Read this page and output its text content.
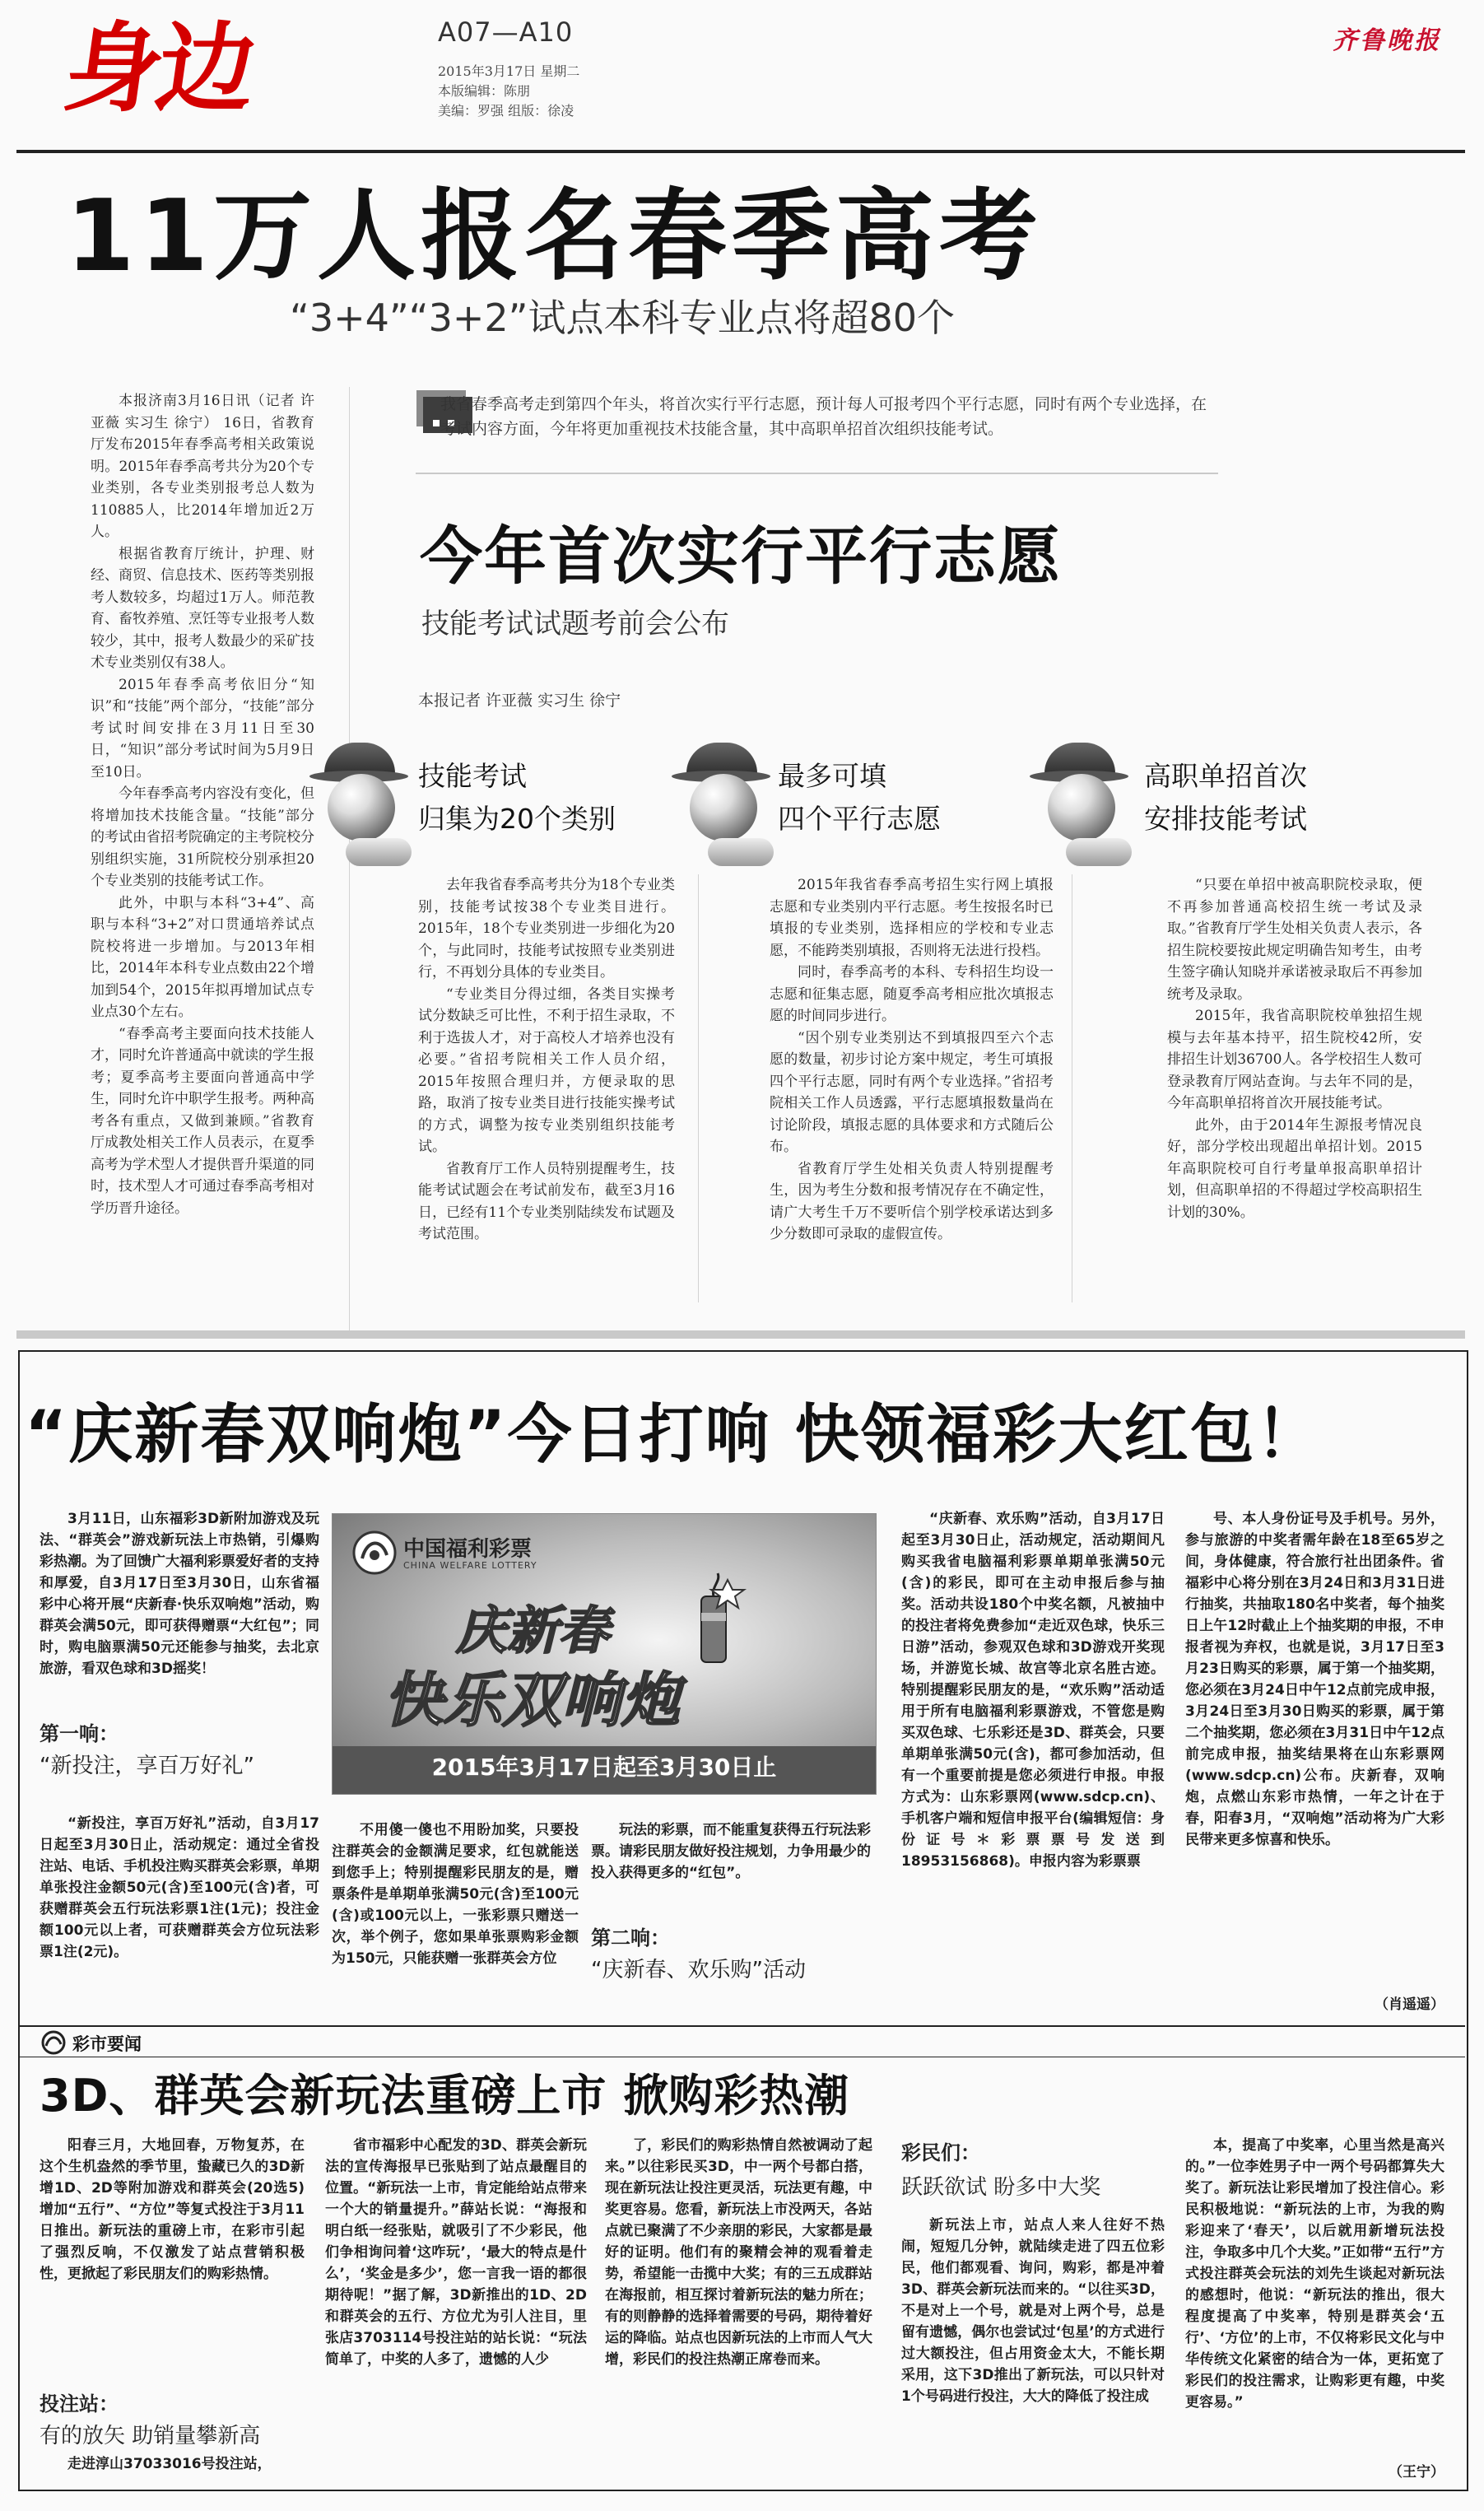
身边	A07—A10
2015年3月17日 星期二
本版编辑：陈朋
美编：罗强 组版：徐凌
齐鲁晚报
11万人报名春季高考
“3+4”“3+2”试点本科专业点将超80个

本报济南3月16日讯（记者 许亚薇 实习生 徐宁） 16日，省教育厅发布2015年春季高考相关政策说明。2015年春季高考共分为20个专业类别，各专业类别报考总人数为110885人，比2014年增加近2万人。

根据省教育厅统计，护理、财经、商贸、信息技术、医药等类别报考人数较多，均超过1万人。师范教育、畜牧养殖、烹饪等专业报考人数较少，其中，报考人数最少的采矿技术专业类别仅有38人。

2015年春季高考依旧分“知识”和“技能”两个部分，“技能”部分考试时间安排在3月11日至30日，“知识”部分考试时间为5月9日至10日。

今年春季高考内容没有变化，但将增加技术技能含量。“技能”部分的考试由省招考院确定的主考院校分别组织实施，31所院校分别承担20个专业类别的技能考试工作。

此外，中职与本科“3+4”、高职与本科“3+2”对口贯通培养试点院校将进一步增加。与2013年相比，2014年本科专业点数由22个增加到54个，2015年拟再增加试点专业点30个左右。

“春季高考主要面向技术技能人才，同时允许普通高中就读的学生报考；夏季高考主要面向普通高中学生，同时允许中职学生报考。两种高考各有重点，又做到兼顾。”省教育厅成教处相关工作人员表示，在夏季高考为学术型人才提供晋升渠道的同时，技术型人才可通过春季高考相对学历晋升途径。

我省春季高考走到第四个年头，将首次实行平行志愿，预计每人可报考四个平行志愿，同时有两个专业选择，在考试内容方面，今年将更加重视技术技能含量，其中高职单招首次组织技能考试。
今年首次实行平行志愿
技能考试试题考前会公布
本报记者 许亚薇 实习生 徐宁
技能考试
归集为20个类别

去年我省春季高考共分为18个专业类别，技能考试按38个专业类目进行。2015年，18个专业类别进一步细化为20个，与此同时，技能考试按照专业类别进行，不再划分具体的专业类目。

“专业类目分得过细，各类目实操考试分数缺乏可比性，不利于招生录取，不利于选拔人才，对于高校人才培养也没有必要。”省招考院相关工作人员介绍，2015年按照合理归并，方便录取的思路，取消了按专业类目进行技能实操考试的方式，调整为按专业类别组织技能考试。

省教育厅工作人员特别提醒考生，技能考试试题会在考试前发布，截至3月16日，已经有11个专业类别陆续发布试题及考试范围。

最多可填
四个平行志愿

2015年我省春季高考招生实行网上填报志愿和专业类别内平行志愿。考生按报名时已填报的专业类别，选择相应的学校和专业志愿，不能跨类别填报，否则将无法进行投档。

同时，春季高考的本科、专科招生均设一志愿和征集志愿，随夏季高考相应批次填报志愿的时间同步进行。

“因个别专业类别达不到填报四至六个志愿的数量，初步讨论方案中规定，考生可填报四个平行志愿，同时有两个专业选择。”省招考院相关工作人员透露，平行志愿填报数量尚在讨论阶段，填报志愿的具体要求和方式随后公布。

省教育厅学生处相关负责人特别提醒考生，因为考生分数和报考情况存在不确定性，请广大考生千万不要听信个别学校承诺达到多少分数即可录取的虚假宣传。

高职单招首次
安排技能考试

“只要在单招中被高职院校录取，便不再参加普通高校招生统一考试及录取。”省教育厅学生处相关负责人表示，各招生院校要按此规定明确告知考生，由考生签字确认知晓并承诺被录取后不再参加统考及录取。

2015年，我省高职院校单独招生规模与去年基本持平，招生院校42所，安排招生计划36700人。各学校招生人数可登录教育厅网站查询。与去年不同的是，今年高职单招将首次开展技能考试。

此外，由于2014年生源报考情况良好，部分学校出现超出单招计划。2015年高职院校可自行考量单报高职单招计划，但高职单招的不得超过学校高职招生计划的30%。

“庆新春双响炮”今日打响 快领福彩大红包！

3月11日，山东福彩3D新附加游戏及玩法、“群英会”游戏新玩法上市热销，引爆购彩热潮。为了回馈广大福利彩票爱好者的支持和厚爱，自3月17日至3月30日，山东省福彩中心将开展“庆新春·快乐双响炮”活动，购群英会满50元，即可获得赠票“大红包”；同时，购电脑票满50元还能参与抽奖，去北京旅游，看双色球和3D摇奖！

第一响：
“新投注，享百万好礼”

“新投注，享百万好礼”活动，自3月17日起至3月30日止，活动规定：通过全省投注站、电话、手机投注购买群英会彩票，单期单张投注金额50元(含)至100元(含)者，可获赠群英会五行玩法彩票1注(1元)；投注金额100元以上者，可获赠群英会方位玩法彩票1注(2元)。

中国福利彩票
CHINA WELFARE LOTTERY
庆新春
快乐双响炮
2015年3月17日起至3月30日止

不用傻一傻也不用盼加奖，只要投注群英会的金额满足要求，红包就能送到您手上；特别提醒彩民朋友的是，赠票条件是单期单张满50元(含)至100元(含)或100元以上，一张彩票只赠送一次，举个例子，您如果单张票购彩金额为150元，只能获赠一张群英会方位

玩法的彩票，而不能重复获得五行玩法彩票。请彩民朋友做好投注规划，力争用最少的投入获得更多的“红包”。

第二响：
“庆新春、欢乐购”活动

“庆新春、欢乐购”活动，自3月17日起至3月30日止，活动规定，活动期间凡购买我省电脑福利彩票单期单张满50元(含)的彩民，即可在主动申报后参与抽奖。活动共设180个中奖名额，凡被抽中的投注者将免费参加“走近双色球，快乐三日游”活动，参观双色球和3D游戏开奖现场，并游览长城、故宫等北京名胜古迹。特别提醒彩民朋友的是，“欢乐购”活动适用于所有电脑福利彩票游戏，不管您是购买双色球、七乐彩还是3D、群英会，只要单期单张满50元(含)，都可参加活动，但有一个重要前提是您必须进行申报。申报方式为：山东彩票网(www.sdcp.cn)、手机客户端和短信申报平台(编辑短信：身份证号＊彩票票号发送到18953156868)。申报内容为彩票票

号、本人身份证号及手机号。另外，参与旅游的中奖者需年龄在18至65岁之间，身体健康，符合旅行社出团条件。省福彩中心将分别在3月24日和3月31日进行抽奖，共抽取180名中奖者，每个抽奖日上午12时截止上个抽奖期的申报，不申报者视为弃权，也就是说，3月17日至3月23日购买的彩票，属于第一个抽奖期，您必须在3月24日中午12点前完成申报，3月24日至3月30日购买的彩票，属于第二个抽奖期，您必须在3月31日中午12点前完成申报，抽奖结果将在山东彩票网(www.sdcp.cn)公布。庆新春，双响炮，点燃山东彩市热情，一年之计在于春，阳春3月，“双响炮”活动将为广大彩民带来更多惊喜和快乐。

（肖遥遥）
彩市要闻
3D、群英会新玩法重磅上市 掀购彩热潮

阳春三月，大地回春，万物复苏，在这个生机盎然的季节里，蛰藏已久的3D新增1D、2D等附加游戏和群英会(20选5)增加“五行”、“方位”等复式投注于3月11日推出。新玩法的重磅上市，在彩市引起了强烈反响，不仅激发了站点营销积极性，更掀起了彩民朋友们的购彩热情。

投注站：
有的放矢 助销量攀新高

走进淳山37033016号投注站，

省市福彩中心配发的3D、群英会新玩法的宣传海报早已张贴到了站点最醒目的位置。“新玩法一上市，肯定能给站点带来一个大的销量提升。”薛站长说：“海报和明白纸一经张贴，就吸引了不少彩民，他们争相询问着‘这咋玩’，‘最大的特点是什么’，‘奖金是多少’，您一言我一语的都很期待呢！”据了解，3D新推出的1D、2D和群英会的五行、方位尤为引人注目，里张店3703114号投注站的站长说：“玩法简单了，中奖的人多了，遗憾的人少

了，彩民们的购彩热情自然被调动了起来。”以往彩民买3D，中一两个号都白搭，现在新玩法让投注更灵活，玩法更有趣，中奖更容易。您看，新玩法上市没两天，各站点就已聚满了不少亲朋的彩民，大家都是最好的证明。他们有的聚精会神的观看着走势，希望能一击揽中大奖；有的三五成群站在海报前，相互探讨着新玩法的魅力所在；有的则静静的选择着需要的号码，期待着好运的降临。站点也因新玩法的上市而人气大增，彩民们的投注热潮正席卷而来。

彩民们：
跃跃欲试 盼多中大奖

新玩法上市，站点人来人往好不热闹，短短几分钟，就陆续走进了四五位彩民，他们都观看、询问，购彩，都是冲着3D、群英会新玩法而来的。“以往买3D，不是对上一个号，就是对上两个号，总是留有遗憾，偶尔也尝试过‘包星’的方式进行过大额投注，但占用资金太大，不能长期采用，这下3D推出了新玩法，可以只针对1个号码进行投注，大大的降低了投注成

本，提高了中奖率，心里当然是高兴的。”一位李姓男子中一两个号码都算失大奖了。新玩法让彩民增加了投注信心。彩民积极地说：“新玩法的上市，为我的购彩迎来了‘春天’，以后就用新增玩法投注，争取多中几个大奖。”正如带“五行”方式投注群英会玩法的刘先生谈起对新玩法的感想时，他说：“新玩法的推出，很大程度提高了中奖率，特别是群英会‘五行’、‘方位’的上市，不仅将彩民文化与中华传统文化紧密的结合为一体，更拓宽了彩民们的投注需求，让购彩更有趣，中奖更容易。”

（王宁）
